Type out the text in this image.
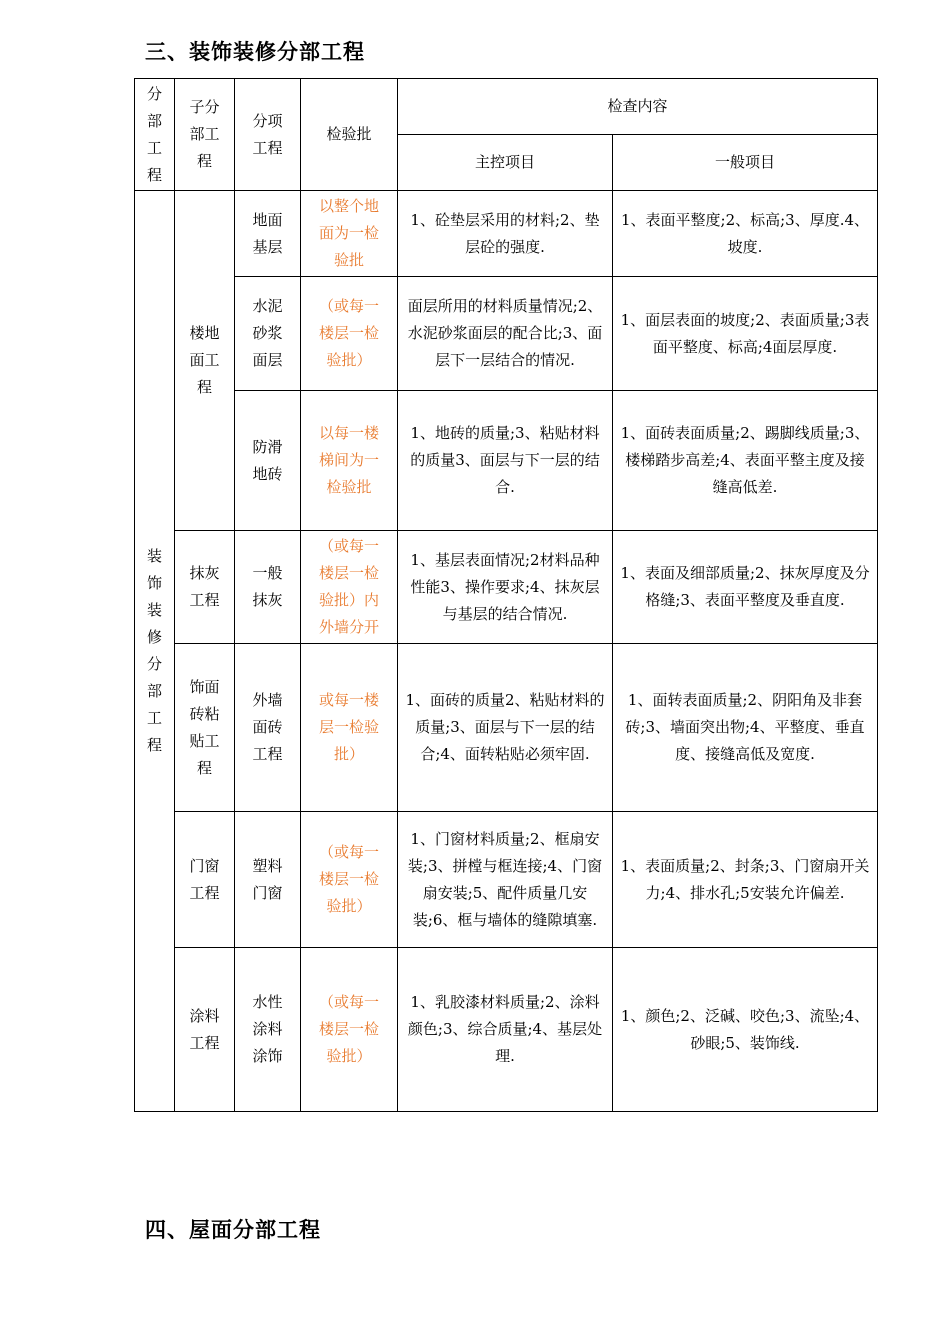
三、装饰装修分部工程
分部工程	子分部工程	分项工程	检验批	检查内容	
				主控项目	一般项目
装饰装修分部工程	楼地面工程	地面基层	以整个地面为一检验批	1、砼垫层采用的材料;2、垫层砼的强度.	1、表面平整度;2、标高;3、厚度.4、坡度.
		水泥砂浆面层	（或每一楼层一检验批）	面层所用的材料质量情况;2、水泥砂浆面层的配合比;3、面层下一层结合的情况.	1、面层表面的坡度;2、表面质量;3表面平整度、标高;4面层厚度.
		防滑地砖	以每一楼梯间为一检验批	1、地砖的质量;3、粘贴材料的质量3、面层与下一层的结合.	1、面砖表面质量;2、踢脚线质量;3、楼梯踏步高差;4、表面平整主度及接缝高低差.
	抹灰工程	一般抹灰	（或每一楼层一检验批）内外墙分开	1、基层表面情况;2材料品种性能3、操作要求;4、抹灰层与基层的结合情况.	1、表面及细部质量;2、抹灰厚度及分格缝;3、表面平整度及垂直度.
	饰面砖粘贴工程	外墙面砖工程	或每一楼层一检验批）	1、面砖的质量2、粘贴材料的质量;3、面层与下一层的结合;4、面转粘贴必须牢固.	1、面转表面质量;2、阴阳角及非套砖;3、墙面突出物;4、平整度、垂直度、接缝高低及宽度.
	门窗工程	塑料门窗	（或每一楼层一检验批）	1、门窗材料质量;2、框扇安装;3、拼樘与框连接;4、门窗扇安装;5、配件质量几安装;6、框与墙体的缝隙填塞.	1、表面质量;2、封条;3、门窗扇开关力;4、排水孔;5安装允许偏差.
	涂料工程	水性涂料涂饰	（或每一楼层一检验批）	1、乳胶漆材料质量;2、涂料颜色;3、综合质量;4、基层处理.	1、颜色;2、泛碱、咬色;3、流坠;4、砂眼;5、装饰线.
四、屋面分部工程
